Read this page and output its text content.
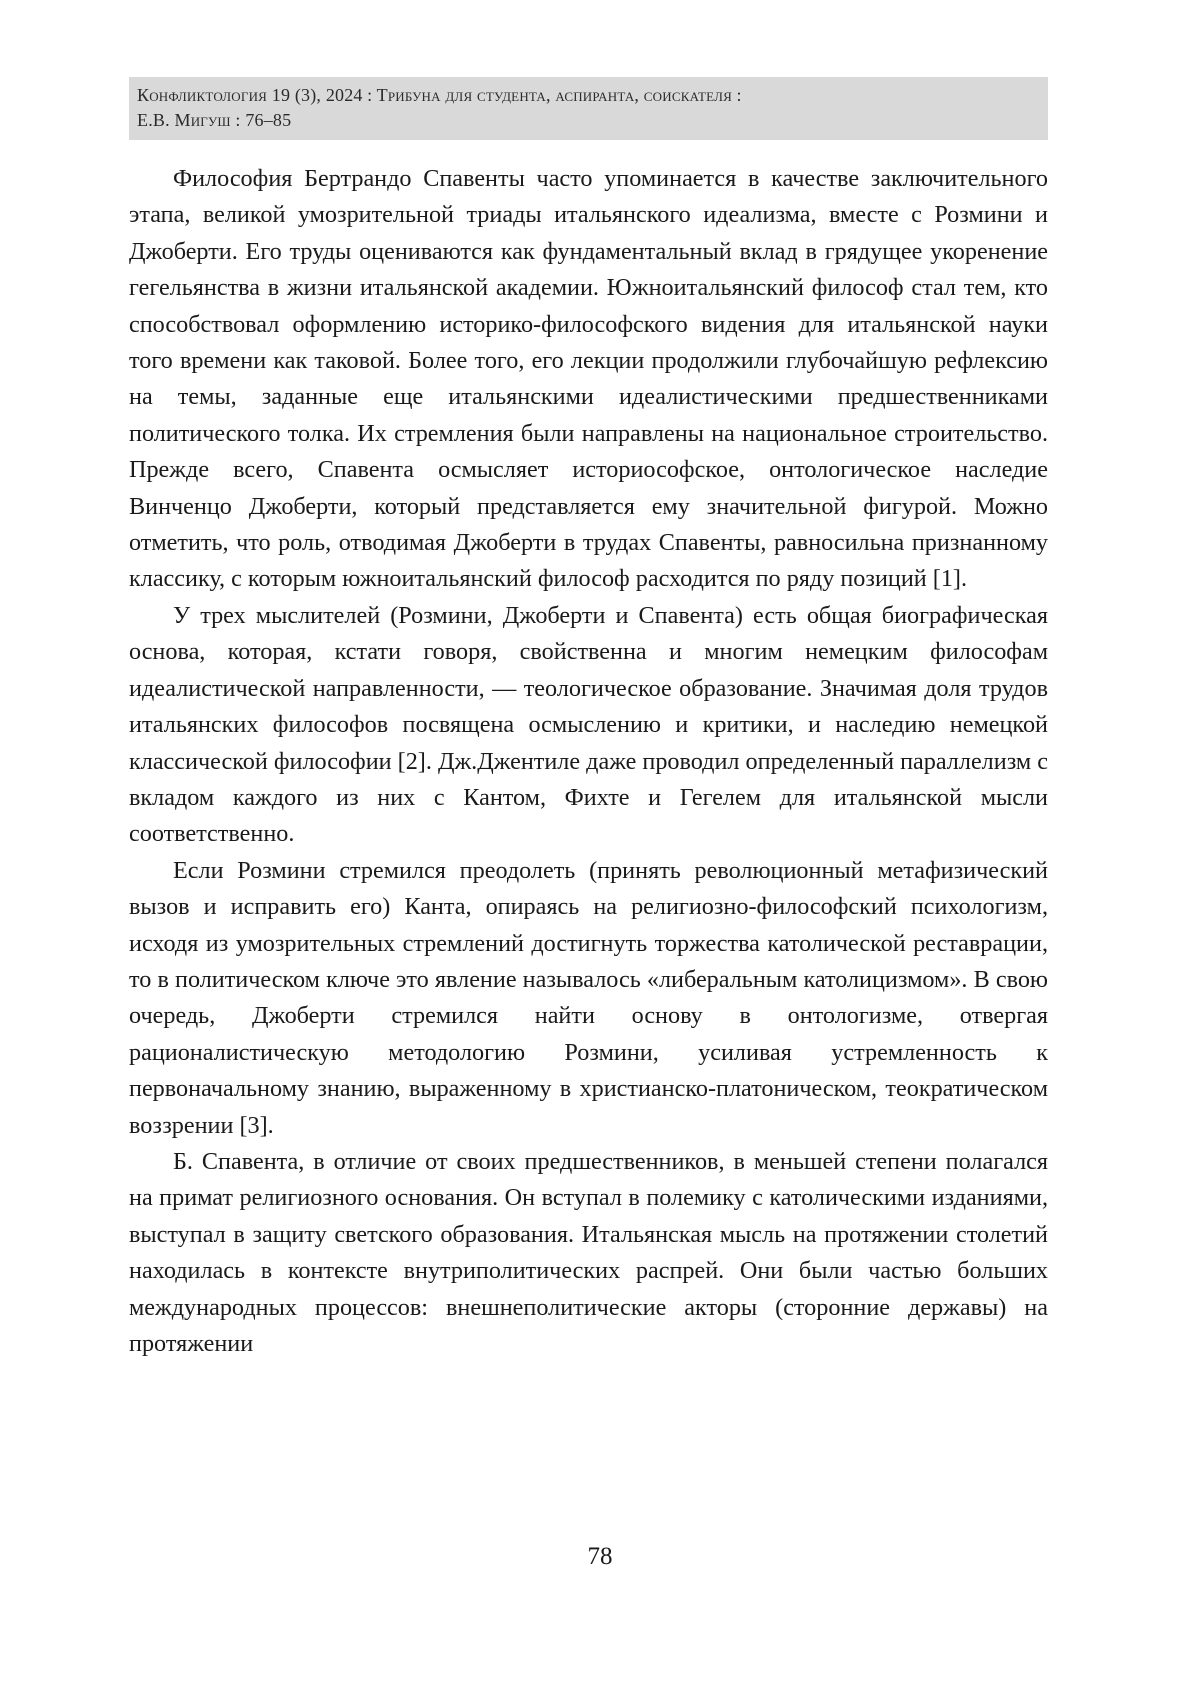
Конфликтология 19 (3), 2024 : Трибуна для студента, аспиранта, соискателя :
Е.В. Мигуш : 76–85

Философия Бертрандо Спавенты часто упоминается в качестве заключительного этапа, великой умозрительной триады итальянского идеализма, вместе с Розмини и Джоберти. Его труды оцениваются как фундаментальный вклад в грядущее укоренение гегельянства в жизни итальянской академии. Южноитальянский философ стал тем, кто способствовал оформлению историко-философского видения для итальянской науки того времени как таковой. Более того, его лекции продолжили глубочайшую рефлексию на темы, заданные еще итальянскими идеалистическими предшественниками политического толка. Их стремления были направлены на национальное строительство. Прежде всего, Спавента осмысляет историософское, онтологическое наследие Винченцо Джоберти, который представляется ему значительной фигурой. Можно отметить, что роль, отводимая Джоберти в трудах Спавенты, равносильна признанному классику, с которым южноитальянский философ расходится по ряду позиций [1].

У трех мыслителей (Розмини, Джоберти и Спавента) есть общая биографическая основа, которая, кстати говоря, свойственна и многим немецким философам идеалистической направленности, — теологическое образование. Значимая доля трудов итальянских философов посвящена осмыслению и критики, и наследию немецкой классической философии [2]. Дж.Джентиле даже проводил определенный параллелизм с вкладом каждого из них с Кантом, Фихте и Гегелем для итальянской мысли соответственно.

Если Розмини стремился преодолеть (принять революционный метафизический вызов и исправить его) Канта, опираясь на религиозно-философский психологизм, исходя из умозрительных стремлений достигнуть торжества католической реставрации, то в политическом ключе это явление называлось «либеральным католицизмом». В свою очередь, Джоберти стремился найти основу в онтологизме, отвергая рационалистическую методологию Розмини, усиливая устремленность к первоначальному знанию, выраженному в христианско-платоническом, теократическом воззрении [3].

Б. Спавента, в отличие от своих предшественников, в меньшей степени полагался на примат религиозного основания. Он вступал в полемику с католическими изданиями, выступал в защиту светского образования. Итальянская мысль на протяжении столетий находилась в контексте внутриполитических распрей. Они были частью больших международных процессов: внешнеполитические акторы (сторонние державы) на протяжении

78
